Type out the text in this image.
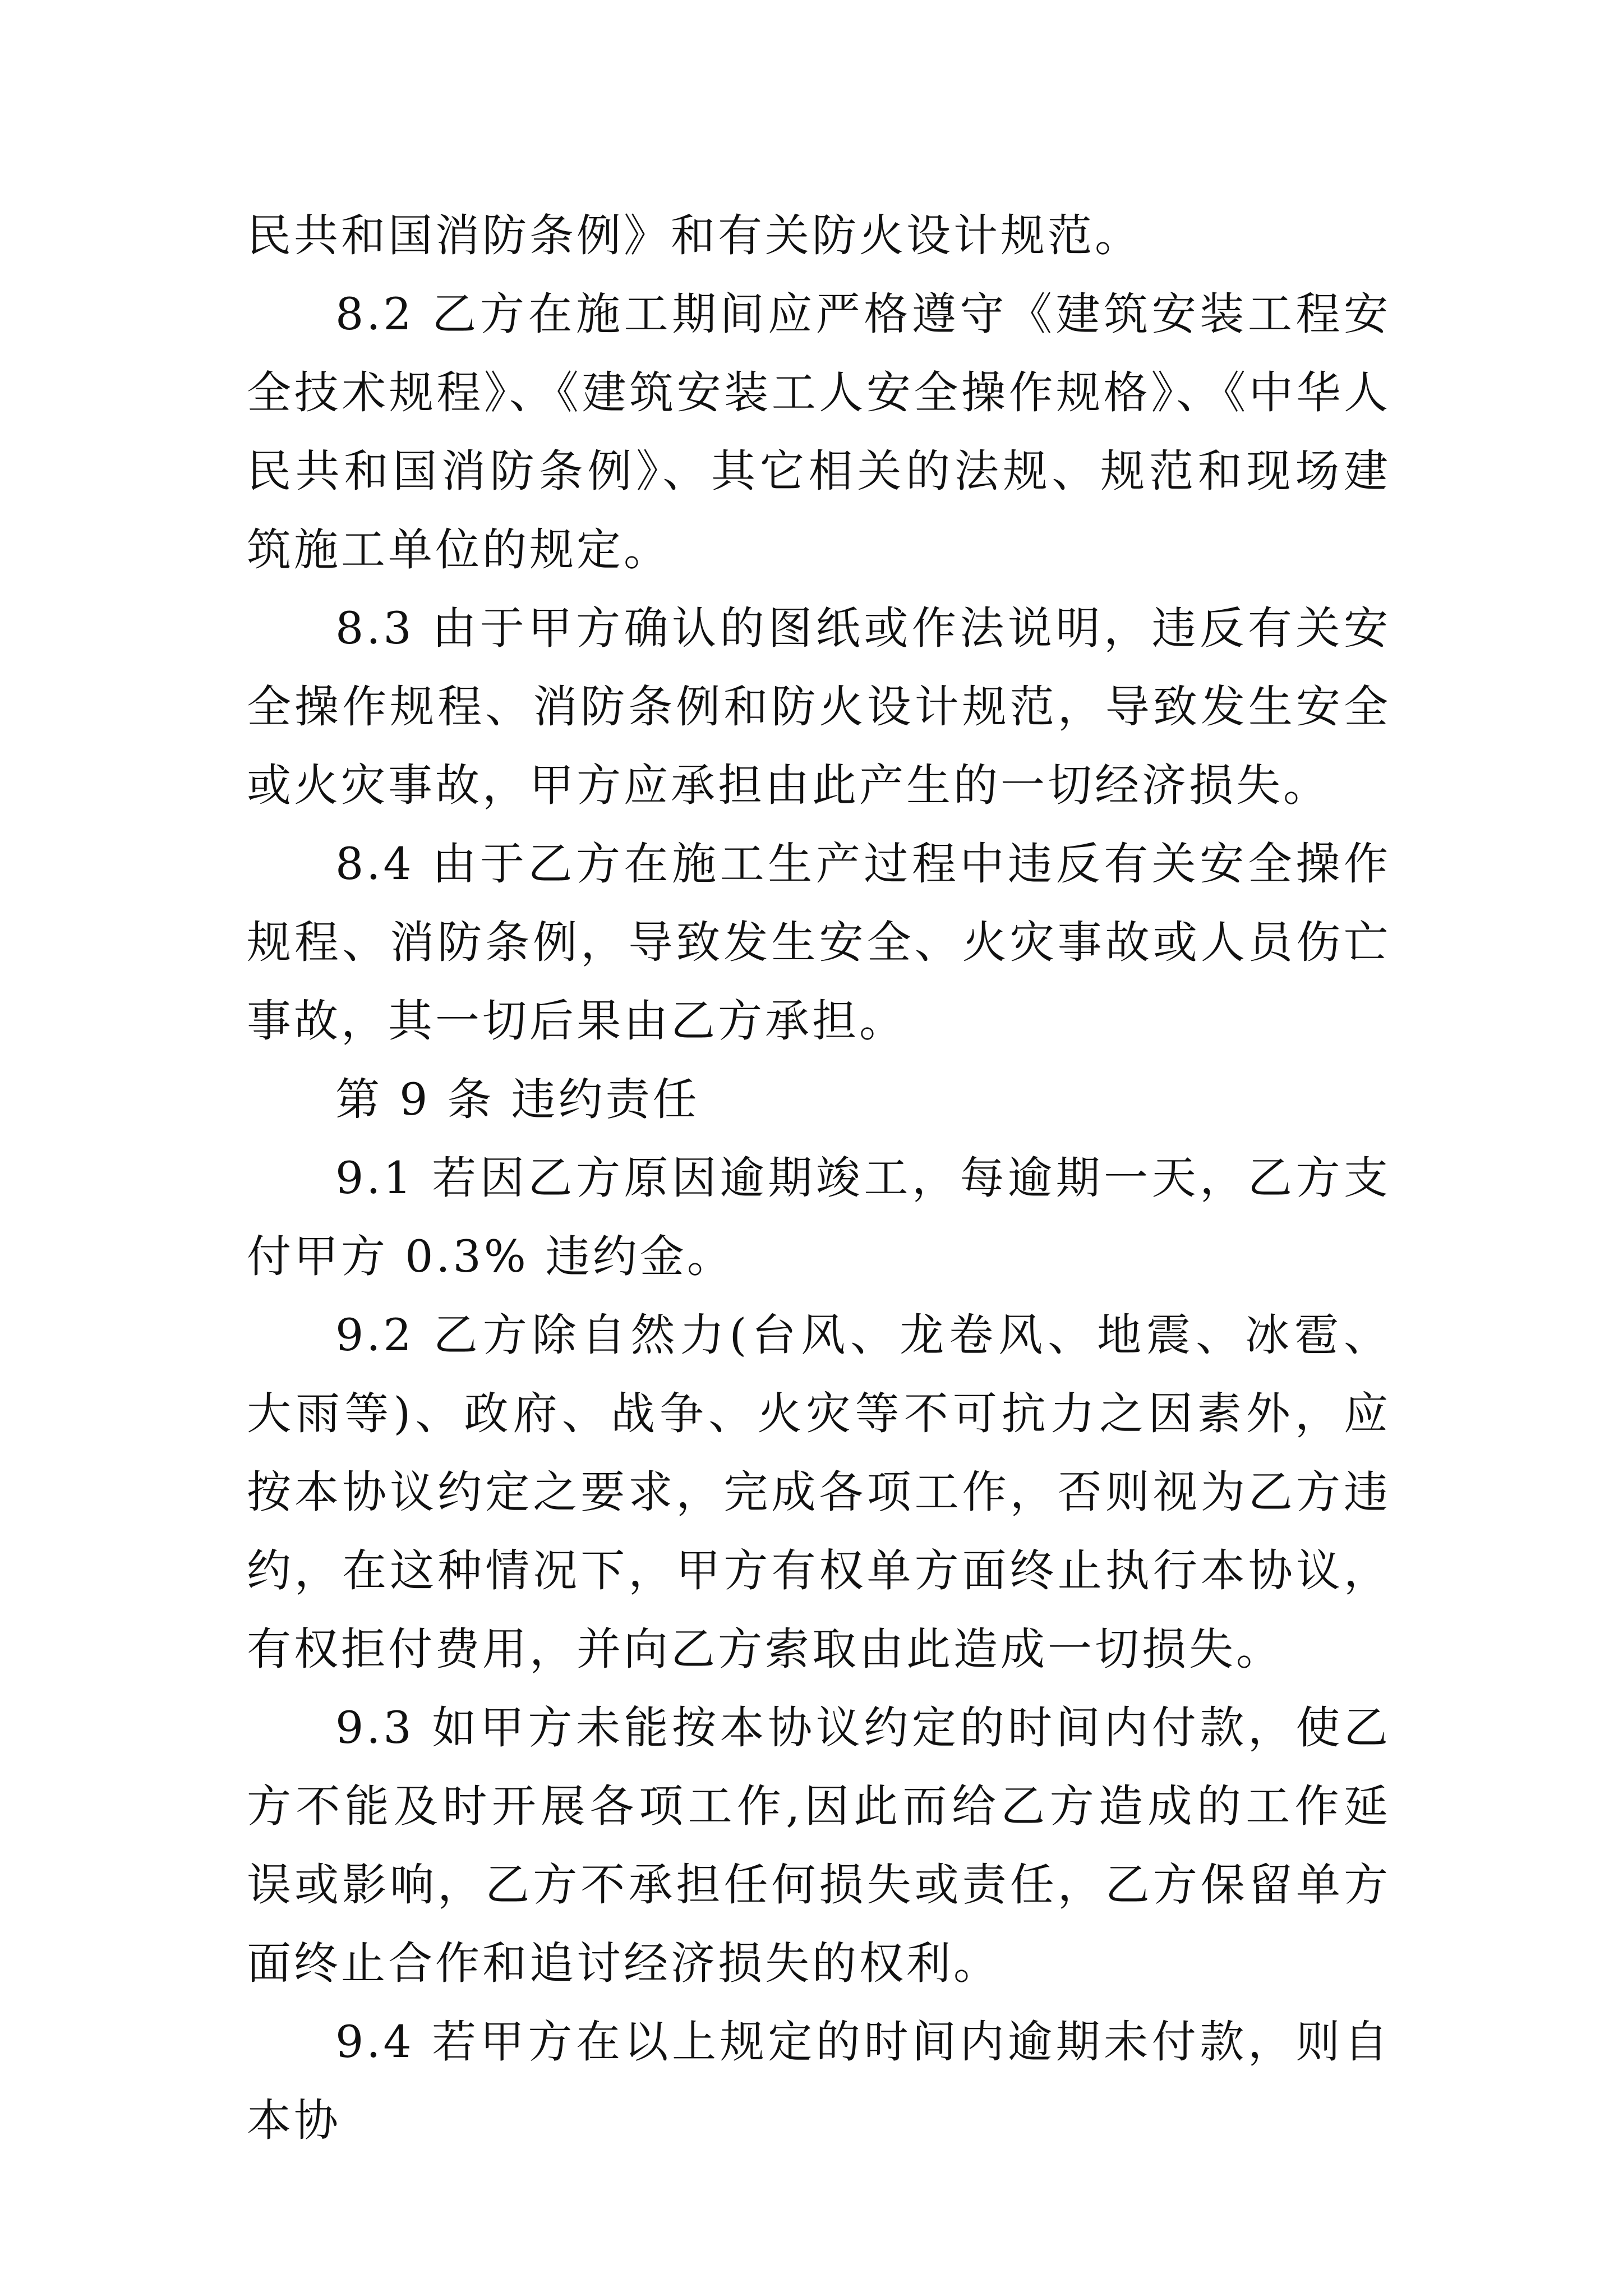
民共和国消防条例》和有关防火设计规范。

8.2 乙方在施工期间应严格遵守《建筑安装工程安全技术规程》、《建筑安装工人安全操作规格》、《中华人民共和国消防条例》、其它相关的法规、规范和现场建筑施工单位的规定。

8.3 由于甲方确认的图纸或作法说明，违反有关安全操作规程、消防条例和防火设计规范，导致发生安全或火灾事故，甲方应承担由此产生的一切经济损失。

8.4 由于乙方在施工生产过程中违反有关安全操作规程、消防条例，导致发生安全、火灾事故或人员伤亡事故，其一切后果由乙方承担。

第 9 条 违约责任

9.1 若因乙方原因逾期竣工，每逾期一天，乙方支付甲方 0.3% 违约金。

9.2 乙方除自然力(台风、龙卷风、地震、冰雹、大雨等)、政府、战争、火灾等不可抗力之因素外，应按本协议约定之要求，完成各项工作，否则视为乙方违约，在这种情况下，甲方有权单方面终止执行本协议，有权拒付费用，并向乙方索取由此造成一切损失。

9.3 如甲方未能按本协议约定的时间内付款，使乙方不能及时开展各项工作,因此而给乙方造成的工作延误或影响，乙方不承担任何损失或责任，乙方保留单方面终止合作和追讨经济损失的权利。

9.4 若甲方在以上规定的时间内逾期未付款，则自本协
